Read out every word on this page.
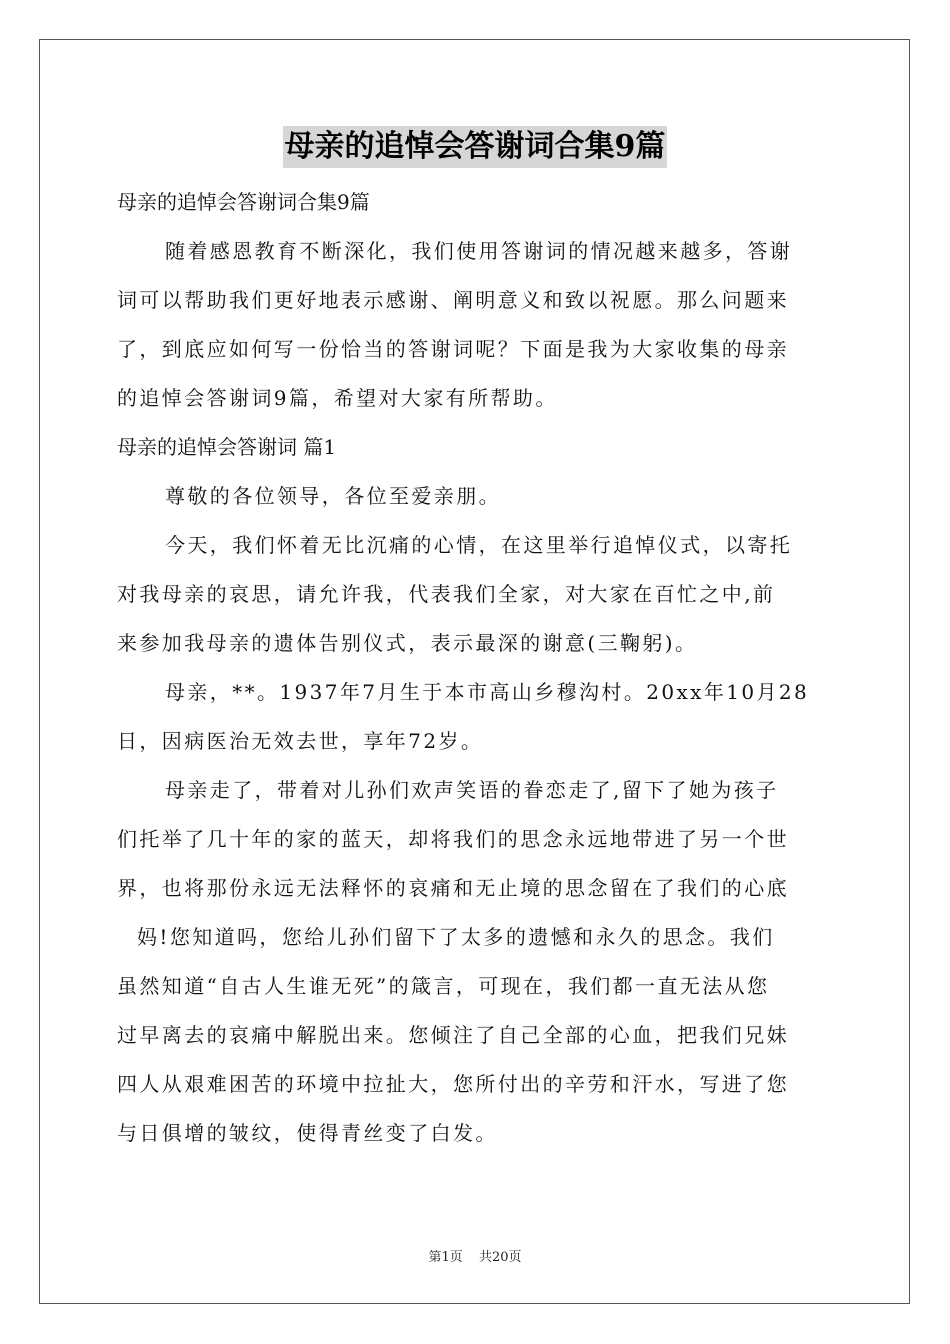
母亲的追悼会答谢词合集9篇
母亲的追悼会答谢词合集9篇
随着感恩教育不断深化，我们使用答谢词的情况越来越多，答谢
词可以帮助我们更好地表示感谢、阐明意义和致以祝愿。那么问题来
了，到底应如何写一份恰当的答谢词呢？下面是我为大家收集的母亲
的追悼会答谢词9篇，希望对大家有所帮助。
母亲的追悼会答谢词 篇1
尊敬的各位领导，各位至爱亲朋。
今天，我们怀着无比沉痛的心情，在这里举行追悼仪式，以寄托
对我母亲的哀思，请允许我，代表我们全家，对大家在百忙之中,前
来参加我母亲的遗体告别仪式，表示最深的谢意(三鞠躬)。
母亲，**。1937年7月生于本市高山乡穆沟村。20xx年10月28
日，因病医治无效去世，享年72岁。
母亲走了，带着对儿孙们欢声笑语的眷恋走了,留下了她为孩子
们托举了几十年的家的蓝天，却将我们的思念永远地带进了另一个世
界，也将那份永远无法释怀的哀痛和无止境的思念留在了我们的心底
妈!您知道吗，您给儿孙们留下了太多的遗憾和永久的思念。我们
虽然知道“自古人生谁无死”的箴言，可现在，我们都一直无法从您
过早离去的哀痛中解脱出来。您倾注了自己全部的心血，把我们兄妹
四人从艰难困苦的环境中拉扯大，您所付出的辛劳和汗水，写进了您
与日俱增的皱纹，使得青丝变了白发。
第1页 共20页
